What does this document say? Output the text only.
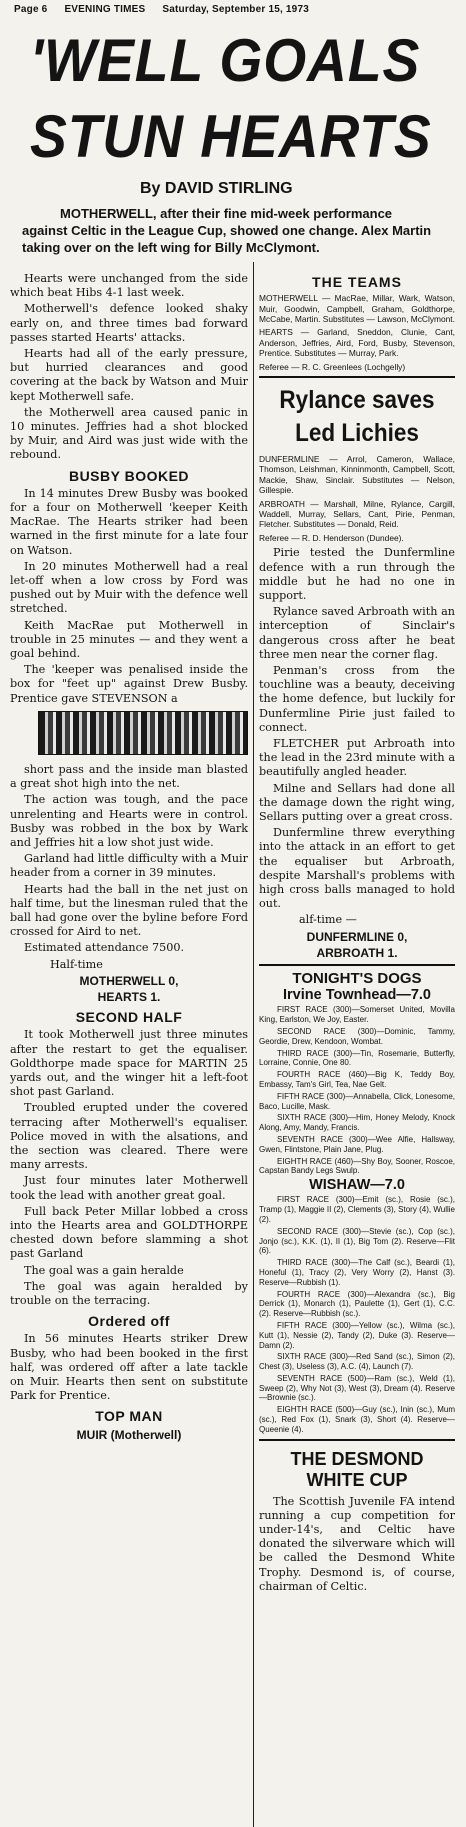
Page 6 EVENING TIMES Saturday, September 15, 1973
'WELL GOALS
STUN HEARTS
By DAVID STIRLING
MOTHERWELL, after their fine mid-week performance against Celtic in the League Cup, showed one change. Alex Martin taking over on the left wing for Billy McClymont.

Hearts were unchanged from the side which beat Hibs 4-1 last week.

Motherwell's defence looked shaky early on, and three times bad forward passes started Hearts' attacks.

Hearts had all of the early pressure, but hurried clearances and good covering at the back by Watson and Muir kept Motherwell safe.

the Motherwell area caused panic in 10 minutes. Jeffries had a shot blocked by Muir, and Aird was just wide with the rebound.

BUSBY BOOKED

In 14 minutes Drew Busby was booked for a four on Motherwell 'keeper Keith MacRae. The Hearts striker had been warned in the first minute for a late four on Watson.

In 20 minutes Motherwell had a real let-off when a low cross by Ford was pushed out by Muir with the defence well stretched.

Keith MacRae put Motherwell in trouble in 25 minutes — and they went a goal behind.

The 'keeper was penalised inside the box for "feet up" against Drew Busby. Prentice gave STEVENSON a

short pass and the inside man blasted a great shot high into the net.

The action was tough, and the pace unrelenting and Hearts were in control. Busby was robbed in the box by Wark and Jeffries hit a low shot just wide.

Garland had little difficulty with a Muir header from a corner in 39 minutes.

Hearts had the ball in the net just on half time, but the linesman ruled that the ball had gone over the byline before Ford crossed for Aird to net.

Estimated attendance 7500.

Half-time

MOTHERWELL 0,
HEARTS 1.
SECOND HALF

It took Motherwell just three minutes after the restart to get the equaliser. Goldthorpe made space for MARTIN 25 yards out, and the winger hit a left-foot shot past Garland.

Troubled erupted under the covered terracing after Motherwell's equaliser. Police moved in with the alsations, and the section was cleared. There were many arrests.

Just four minutes later Motherwell took the lead with another great goal.

Full back Peter Millar lobbed a cross into the Hearts area and GOLDTHORPE chested down before slamming a shot past Garland

The goal was a gain heralde

The goal was again heralded by trouble on the terracing.

Ordered off

In 56 minutes Hearts striker Drew Busby, who had been booked in the first half, was ordered off after a late tackle on Muir. Hearts then sent on substitute Park for Prentice.

TOP MAN
MUIR (Motherwell)
THE TEAMS
MOTHERWELL — MacRae, Millar, Wark, Watson, Muir, Goodwin, Campbell, Graham, Goldthorpe, McCabe, Martin. Substitutes — Lawson, McClymont.
HEARTS — Garland, Sneddon, Clunie, Cant, Anderson, Jeffries, Aird, Ford, Busby, Stevenson, Prentice. Substitutes — Murray, Park.
Referee — R. C. Greenlees (Lochgelly)
Rylance saves
Led Lichies
DUNFERMLINE — Arrol, Cameron, Wallace, Thomson, Leishman, Kinninmonth, Campbell, Scott, Mackie, Shaw, Sinclair. Substitutes — Nelson, Gillespie.
ARBROATH — Marshall, Milne, Rylance, Cargill, Waddell, Murray, Sellars, Cant, Pirie, Penman, Fletcher. Substitutes — Donald, Reid.
Referee — R. D. Henderson (Dundee).

Pirie tested the Dunfermline defence with a run through the middle but he had no one in support.

Rylance saved Arbroath with an interception of Sinclair's dangerous cross after he beat three men near the corner flag.

Penman's cross from the touchline was a beauty, deceiving the home defence, but luckily for Dunfermline Pirie just failed to connect.

FLETCHER put Arbroath into the lead in the 23rd minute with a beautifully angled header.

Milne and Sellars had done all the damage down the right wing, Sellars putting over a great cross.

Dunfermline threw everything into the attack in an effort to get the equaliser but Arbroath, despite Marshall's problems with high cross balls managed to hold out.

alf-time —

DUNFERMLINE 0,
ARBROATH 1.
TONIGHT'S DOGS
Irvine Townhead—7.0
FIRST RACE (300)—Somerset United, Movilla King, Earlston, We Joy, Easter.
SECOND RACE (300)—Dominic, Tammy, Geordie, Drew, Kendoon, Wombat.
THIRD RACE (300)—Tin, Rosemarie, Butterfly, Lorraine, Connie, One 80.
FOURTH RACE (460)—Big K, Teddy Boy, Embassy, Tam's Girl, Tea, Nae Gelt.
FIFTH RACE (300)—Annabella, Click, Lonesome, Baco, Lucille, Mask.
SIXTH RACE (300)—Him, Honey Melody, Knock Along, Amy, Mandy, Francis.
SEVENTH RACE (300)—Wee Alfie, Hallsway, Gwen, Flintstone, Plain Jane, Plug.
EIGHTH RACE (460)—Shy Boy, Sooner, Roscoe, Capstan Bandy Legs Swulp.
WISHAW—7.0
FIRST RACE (300)—Emit (sc.), Rosie (sc.), Tramp (1), Maggie II (2), Clements (3), Story (4), Wullie (2).
SECOND RACE (300)—Stevie (sc.), Cop (sc.), Jonjo (sc.), K.K. (1), II (1), Big Tom (2). Reserve—Flit (6).
THIRD RACE (300)—The Calf (sc.), Beardi (1), Honeful (1), Tracy (2), Very Worry (2), Hanst (3). Reserve—Rubbish (1).
FOURTH RACE (300)—Alexandra (sc.), Big Derrick (1), Monarch (1), Paulette (1), Gert (1), C.C. (2). Reserve—Rubbish (sc.).
FIFTH RACE (300)—Yellow (sc.), Wilma (sc.), Kutt (1), Nessie (2), Tandy (2), Duke (3). Reserve—Damn (2).
SIXTH RACE (300)—Red Sand (sc.), Simon (2), Chest (3), Useless (3), A.C. (4), Launch (7).
SEVENTH RACE (500)—Ram (sc.), Weld (1), Sweep (2), Why Not (3), West (3), Dream (4). Reserve—Brownie (sc.).
EIGHTH RACE (500)—Guy (sc.), Inin (sc.), Mum (sc.), Red Fox (1), Snark (3), Short (4). Reserve—Queenie (4).
THE DESMOND
WHITE CUP

The Scottish Juvenile FA intend running a cup competition for under-14's, and Celtic have donated the silverware which will be called the Desmond White Trophy. Desmond is, of course, chairman of Celtic.
